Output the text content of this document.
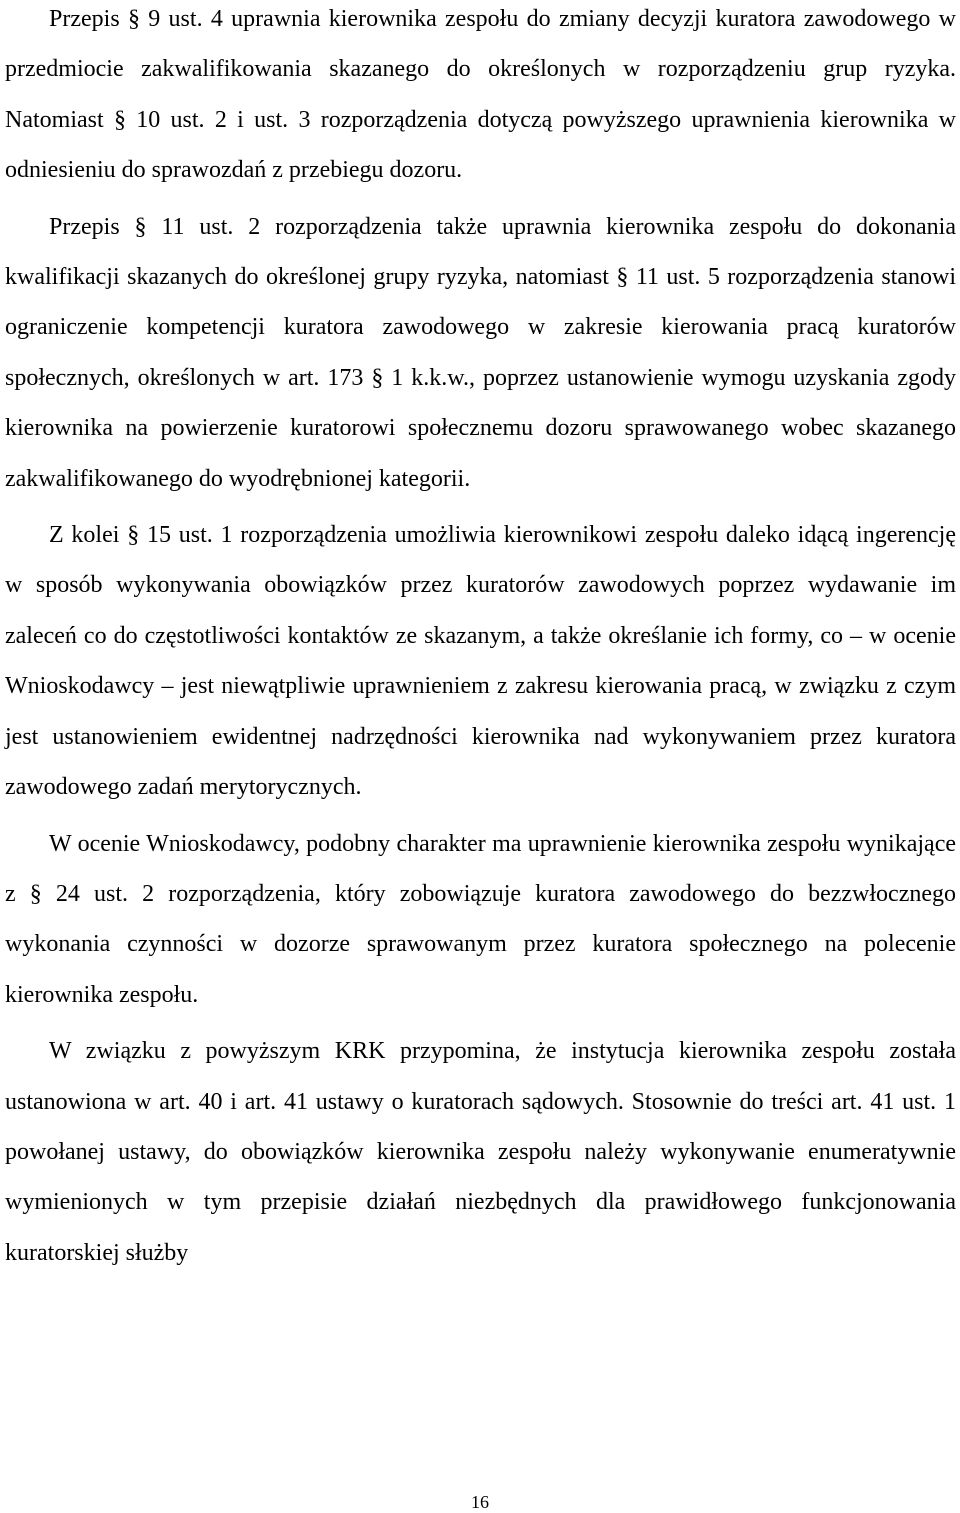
Przepis § 9 ust. 4 uprawnia kierownika zespołu do zmiany decyzji kuratora zawodowego w przedmiocie zakwalifikowania skazanego do określonych w rozporządzeniu grup ryzyka. Natomiast § 10 ust. 2 i ust. 3 rozporządzenia dotyczą powyższego uprawnienia kierownika w odniesieniu do sprawozdań z przebiegu dozoru.

Przepis § 11 ust. 2 rozporządzenia także uprawnia kierownika zespołu do dokonania kwalifikacji skazanych do określonej grupy ryzyka, natomiast § 11 ust. 5 rozporządzenia stanowi ograniczenie kompetencji kuratora zawodowego w zakresie kierowania pracą kuratorów społecznych, określonych w art. 173 § 1 k.k.w., poprzez ustanowienie wymogu uzyskania zgody kierownika na powierzenie kuratorowi społecznemu dozoru sprawowanego wobec skazanego zakwalifikowanego do wyodrębnionej kategorii.

Z kolei § 15 ust. 1 rozporządzenia umożliwia kierownikowi zespołu daleko idącą ingerencję w sposób wykonywania obowiązków przez kuratorów zawodowych poprzez wydawanie im zaleceń co do częstotliwości kontaktów ze skazanym, a także określanie ich formy, co – w ocenie Wnioskodawcy – jest niewątpliwie uprawnieniem z zakresu kierowania pracą, w związku z czym jest ustanowieniem ewidentnej nadrzędności kierownika nad wykonywaniem przez kuratora zawodowego zadań merytorycznych.

W ocenie Wnioskodawcy, podobny charakter ma uprawnienie kierownika zespołu wynikające z § 24 ust. 2 rozporządzenia, który zobowiązuje kuratora zawodowego do bezzwłocznego wykonania czynności w dozorze sprawowanym przez kuratora społecznego na polecenie kierownika zespołu.

W związku z powyższym KRK przypomina, że instytucja kierownika zespołu została ustanowiona w art. 40 i art. 41 ustawy o kuratorach sądowych. Stosownie do treści art. 41 ust. 1 powołanej ustawy, do obowiązków kierownika zespołu należy wykonywanie enumeratywnie wymienionych w tym przepisie działań niezbędnych dla prawidłowego funkcjonowania kuratorskiej służby

16
